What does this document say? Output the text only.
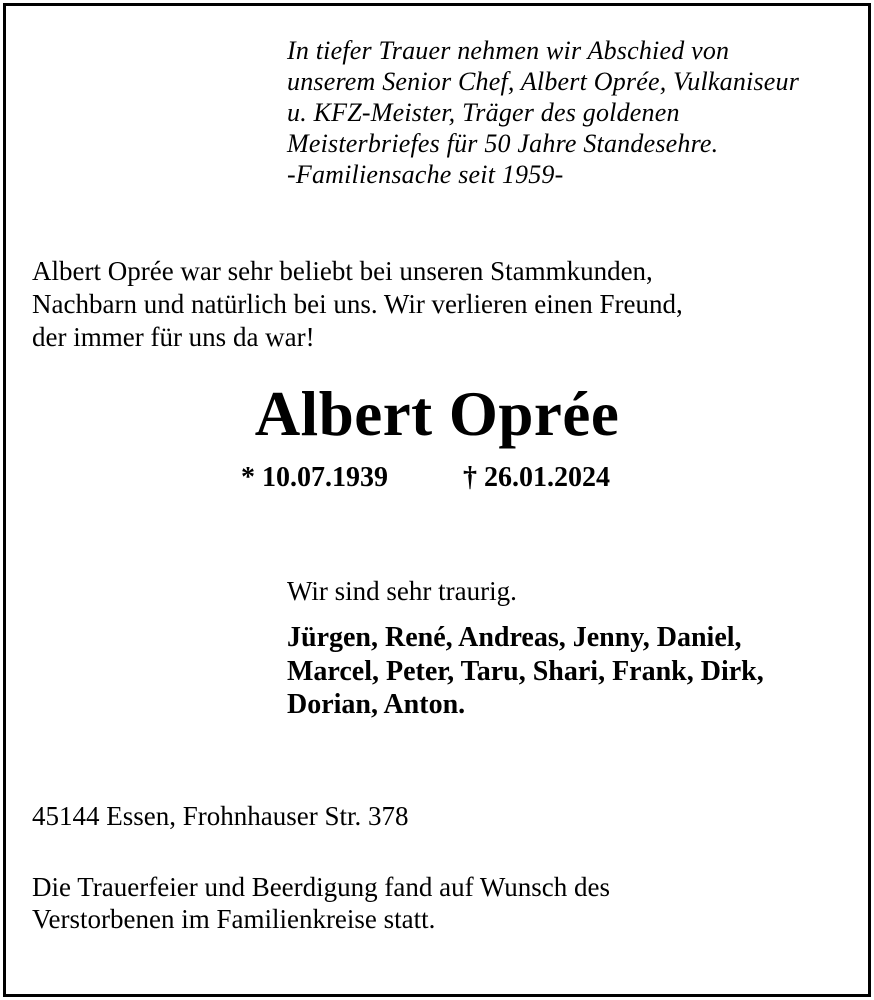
In tiefer Trauer nehmen wir Abschied von

unserem Senior Chef, Albert Oprée, Vulkaniseur

u. KFZ-Meister, Träger des goldenen

Meisterbriefes für 50 Jahre Standesehre.

-Familiensache seit 1959-

Albert Oprée war sehr beliebt bei unseren Stammkunden,

Nachbarn und natürlich bei uns. Wir verlieren einen Freund,

der immer für uns da war!

Albert Oprée

* 10.07.1939	† 26.01.2024

Wir sind sehr traurig.

Jürgen, René, Andreas, Jenny, Daniel,

Marcel, Peter, Taru, Shari, Frank, Dirk,

Dorian, Anton.

45144 Essen, Frohnhauser Str. 378

Die Trauerfeier und Beerdigung fand auf Wunsch des

Verstorbenen im Familienkreise statt.
